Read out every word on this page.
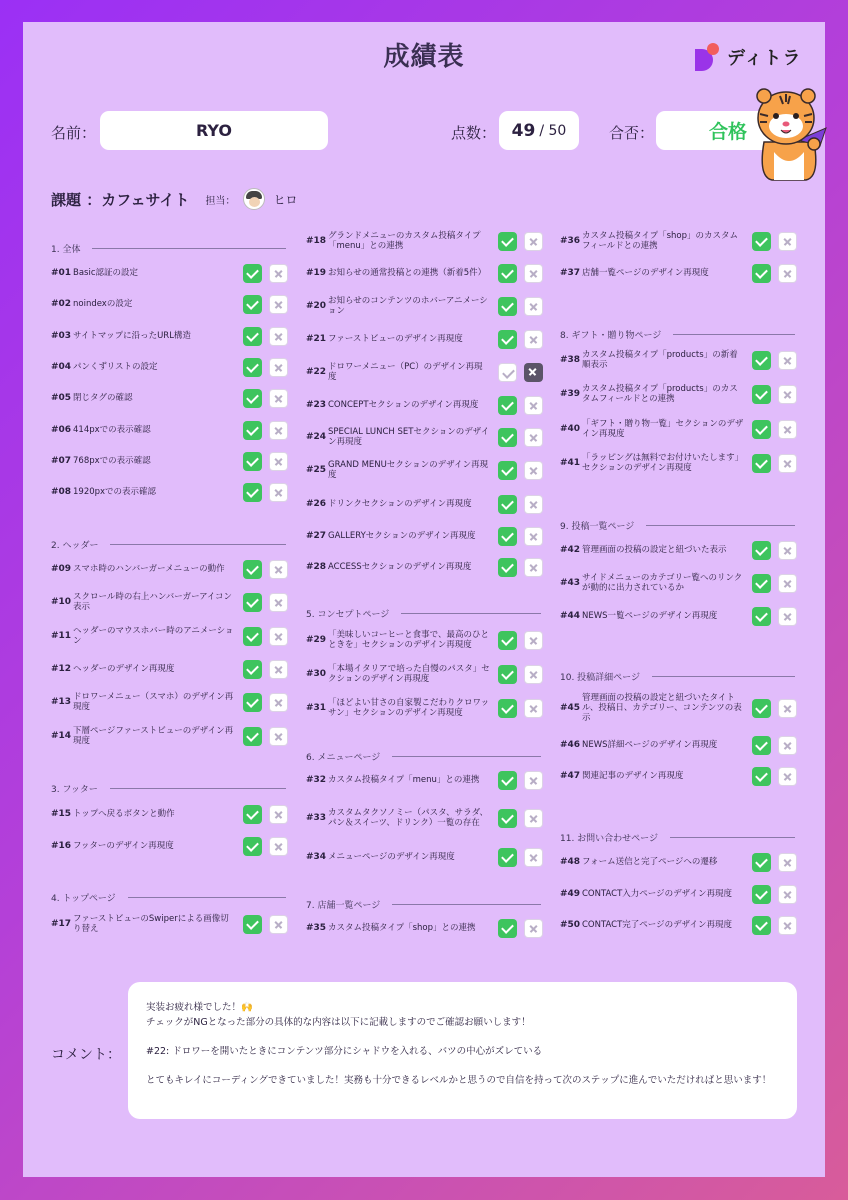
成績表	ディトラ
名前：	RYO	点数： 49 / 50	合否：	合格
課題 ：カフェサイト 担当：	ヒロ
1. 全体
#01 Basic認証の設定
#02 noindexの設定
#03 サイトマップに沿ったURL構造
#04 パンくずリストの設定
#05 閉じタグの確認
#06 414pxでの表示確認
#07 768pxでの表示確認
#08 1920pxでの表示確認
2. ヘッダー
#09 スマホ時のハンバーガーメニューの動作
#10 スクロール時の右上ハンバーガーアイコン表示
#11 ヘッダーのマウスホバー時のアニメーション
#12 ヘッダーのデザイン再現度
#13 ドロワーメニュー（スマホ）のデザイン再現度
#14 下層ページファーストビューのデザイン再現度
3. フッター
#15 トップへ戻るボタンと動作
#16 フッターのデザイン再現度
4. トップページ
#17 ファーストビューのSwiperによる画像切り替え
#18 グランドメニューのカスタム投稿タイプ「menu」との連携
#19 お知らせの通常投稿との連携（新着5件）
#20 お知らせのコンテンツのホバーアニメーション
#21 ファーストビューのデザイン再現度
#22 ドロワーメニュー（PC）のデザイン再現度
#23 CONCEPTセクションのデザイン再現度
#24 SPECIAL LUNCH SETセクションのデザイン再現度
#25 GRAND MENUセクションのデザイン再現度
#26 ドリンクセクションのデザイン再現度
#27 GALLERYセクションのデザイン再現度
#28 ACCESSセクションのデザイン再現度
5. コンセプトページ
#29 「美味しいコーヒーと食事で、最高のひとときを」セクションのデザイン再現度
#30 「本場イタリアで培った自慢のパスタ」セクションのデザイン再現度
#31 「ほどよい甘さの自家製こだわりクロワッサン」セクションのデザイン再現度
6. メニューページ
#32 カスタム投稿タイプ「menu」との連携
#33 カスタムタクソノミー（パスタ、サラダ、パン＆スイーツ、ドリンク）一覧の存在
#34 メニューページのデザイン再現度
7. 店舗一覧ページ
#35 カスタム投稿タイプ「shop」との連携
#36 カスタム投稿タイプ「shop」のカスタムフィールドとの連携
#37 店舗一覧ページのデザイン再現度
8. ギフト・贈り物ページ
#38 カスタム投稿タイプ「products」の新着順表示
#39 カスタム投稿タイプ「products」のカスタムフィールドとの連携
#40 「ギフト・贈り物一覧」セクションのデザイン再現度
#41 「ラッピングは無料でお付けいたします」セクションのデザイン再現度
9. 投稿一覧ページ
#42 管理画面の投稿の設定と紐づいた表示
#43 サイドメニューのカテゴリー覧へのリンクが動的に出力されているか
#44 NEWS一覧ページのデザイン再現度
10. 投稿詳細ページ
#45
管理画面の投稿の設定と紐づいたタイトル、投稿日、カテゴリー、コンテンツの表示
#46 NEWS詳細ページのデザイン再現度
#47 関連記事のデザイン再現度
11. お問い合わせページ
#48 フォーム送信と完了ページへの遷移
#49 CONTACT入力ページのデザイン再現度
#50 CONTACT完了ページのデザイン再現度
コメント：

実装お疲れ様でした！🙌

チェックがNGとなった部分の具体的な内容は以下に記載しますのでご確認お願いします！

#22: ドロワーを開いたときにコンテンツ部分にシャドウを入れる、バツの中心がズレている

とてもキレイにコーディングできていました！実務も十分できるレベルかと思うので自信を持って次のステップに進んでいただければと思います！
